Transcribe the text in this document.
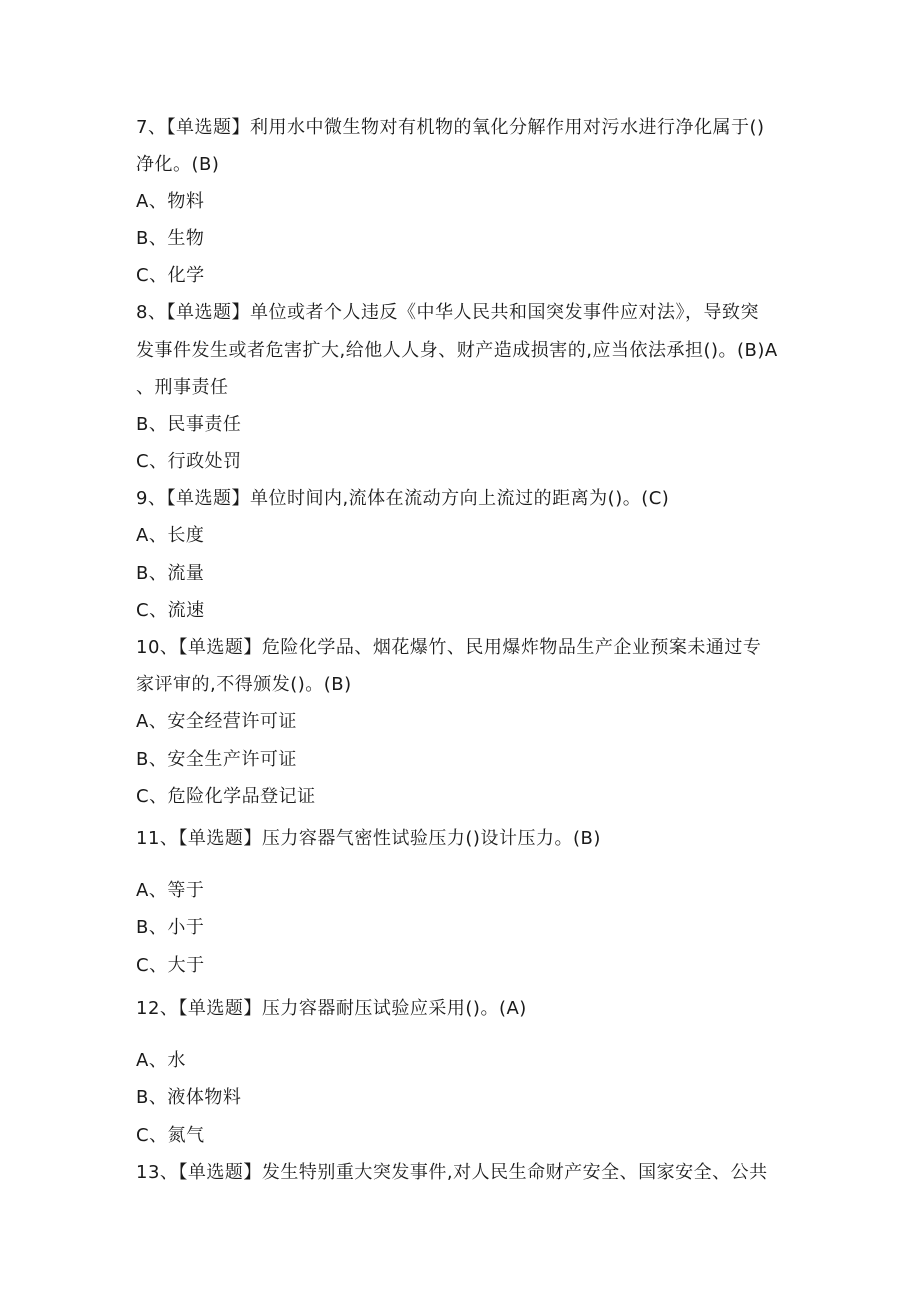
7、【单选题】利用水中微生物对有机物的氧化分解作用对污水进行净化属于()
净化。(B)
A、物料
B、生物
C、化学
8、【单选题】单位或者个人违反《中华人民共和国突发事件应对法》，导致突
发事件发生或者危害扩大,给他人人身、财产造成损害的,应当依法承担()。(B)A
、刑事责任
B、民事责任
C、行政处罚
9、【单选题】单位时间内,流体在流动方向上流过的距离为()。(C)
A、长度
B、流量
C、流速
10、【单选题】危险化学品、烟花爆竹、民用爆炸物品生产企业预案未通过专
家评审的,不得颁发()。(B)
A、安全经营许可证
B、安全生产许可证
C、危险化学品登记证
11、【单选题】压力容器气密性试验压力()设计压力。(B)
A、等于
B、小于
C、大于
12、【单选题】压力容器耐压试验应采用()。(A)
A、水
B、液体物料
C、氮气
13、【单选题】发生特别重大突发事件,对人民生命财产安全、国家安全、公共
